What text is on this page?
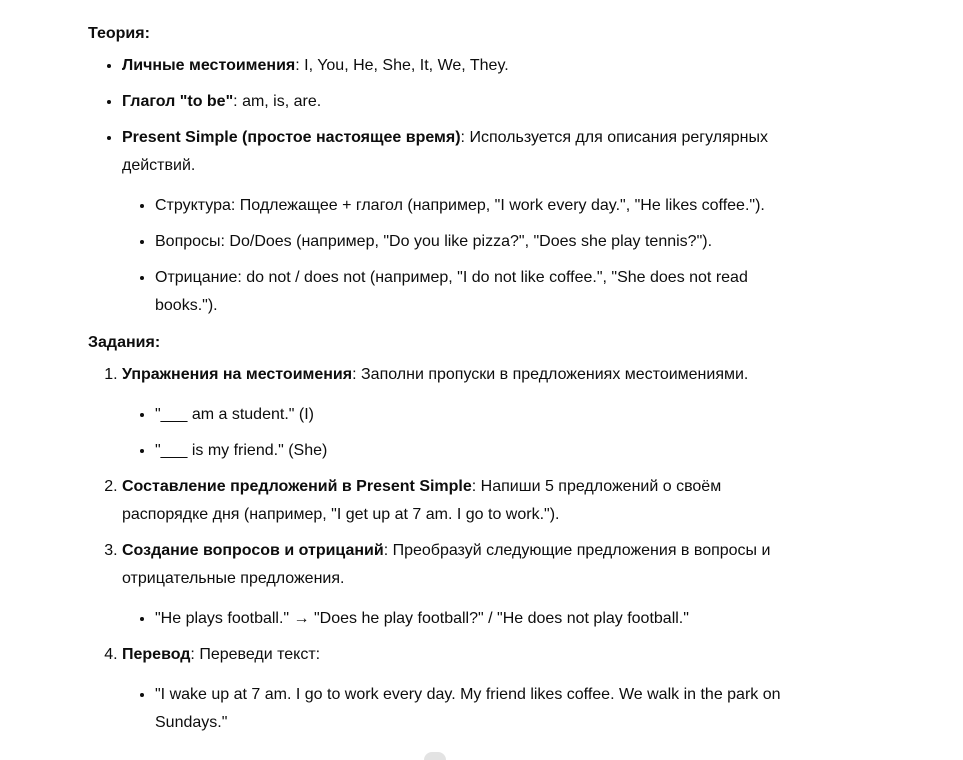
Теория:

• Личные местоимения: I, You, He, She, It, We, They.
• Глагол "to be": am, is, are.
• Present Simple (простое настоящее время): Используется для описания регулярных действий.
• Структура: Подлежащее + глагол (например, "I work every day.", "He likes coffee.").
• Вопросы: Do/Does (например, "Do you like pizza?", "Does she play tennis?").
• Отрицание: do not / does not (например, "I do not like coffee.", "She does not read books.").

Задания:

1. Упражнения на местоимения: Заполни пропуски в предложениях местоимениями.
• "___ am a student." (I)
• "___ is my friend." (She)
2. Составление предложений в Present Simple: Напиши 5 предложений о своём распорядке дня (например, "I get up at 7 am. I go to work.").
3. Создание вопросов и отрицаний: Преобразуй следующие предложения в вопросы и отрицательные предложения.
• "He plays football." → "Does he play football?" / "He does not play football."
4. Перевод: Переведи текст:
• "I wake up at 7 am. I go to work every day. My friend likes coffee. We walk in the park on Sundays."
